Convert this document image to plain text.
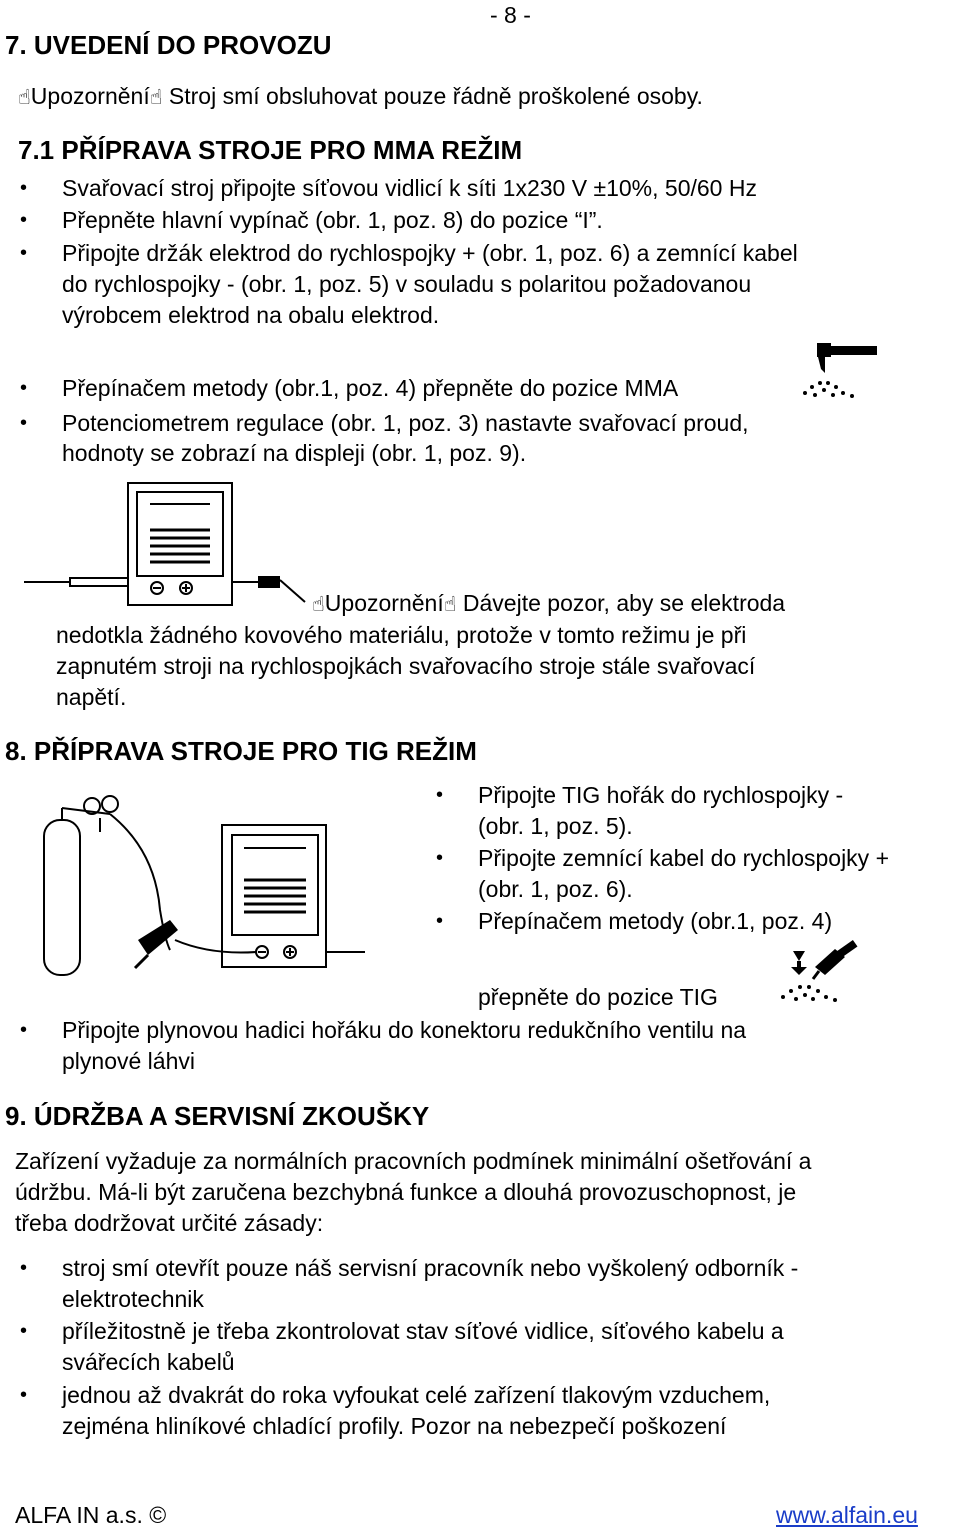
- 8 -
7. UVEDENÍ DO PROVOZU
☝Upozornění☝ Stroj smí obsluhovat pouze řádně proškolené osoby.
7.1 PŘÍPRAVA STROJE PRO MMA REŽIM
• Svařovací stroj připojte síťovou vidlicí k síti 1x230 V ±10%, 50/60 Hz
• Přepněte hlavní vypínač (obr. 1, poz. 8) do pozice “I”.
• Připojte držák elektrod do rychlospojky + (obr. 1, poz. 6) a zemnící kabel
do rychlospojky - (obr. 1, poz. 5) v souladu s polaritou požadovanou
výrobcem elektrod na obalu elektrod.
• Přepínačem metody (obr.1, poz. 4) přepněte do pozice MMA
• Potenciometrem regulace (obr. 1, poz. 3) nastavte svařovací proud,
hodnoty se zobrazí na displeji (obr. 1, poz. 9).
☝Upozornění☝ Dávejte pozor, aby se elektroda
nedotkla žádného kovového materiálu, protože v tomto režimu je při
zapnutém stroji na rychlospojkách svařovacího stroje stále svařovací
napětí.
8. PŘÍPRAVA STROJE PRO TIG REŽIM
• Připojte TIG hořák do rychlospojky -
(obr. 1, poz. 5).
• Připojte zemnící kabel do rychlospojky +
(obr. 1, poz. 6).
• Přepínačem metody (obr.1, poz. 4)
přepněte do pozice TIG
• Připojte plynovou hadici hořáku do konektoru redukčního ventilu na
plynové láhvi
9. ÚDRŽBA A SERVISNÍ ZKOUŠKY
Zařízení vyžaduje za normálních pracovních podmínek minimální ošetřování a
údržbu. Má-li být zaručena bezchybná funkce a dlouhá provozuschopnost, je
třeba dodržovat určité zásady:
• stroj smí otevřít pouze náš servisní pracovník nebo vyškolený odborník -
elektrotechnik
• příležitostně je třeba zkontrolovat stav síťové vidlice, síťového kabelu a
svářecích kabelů
• jednou až dvakrát do roka vyfoukat celé zařízení tlakovým vzduchem,
zejména hliníkové chladící profily. Pozor na nebezpečí poškození
ALFA IN a.s. ©	www.alfain.eu
